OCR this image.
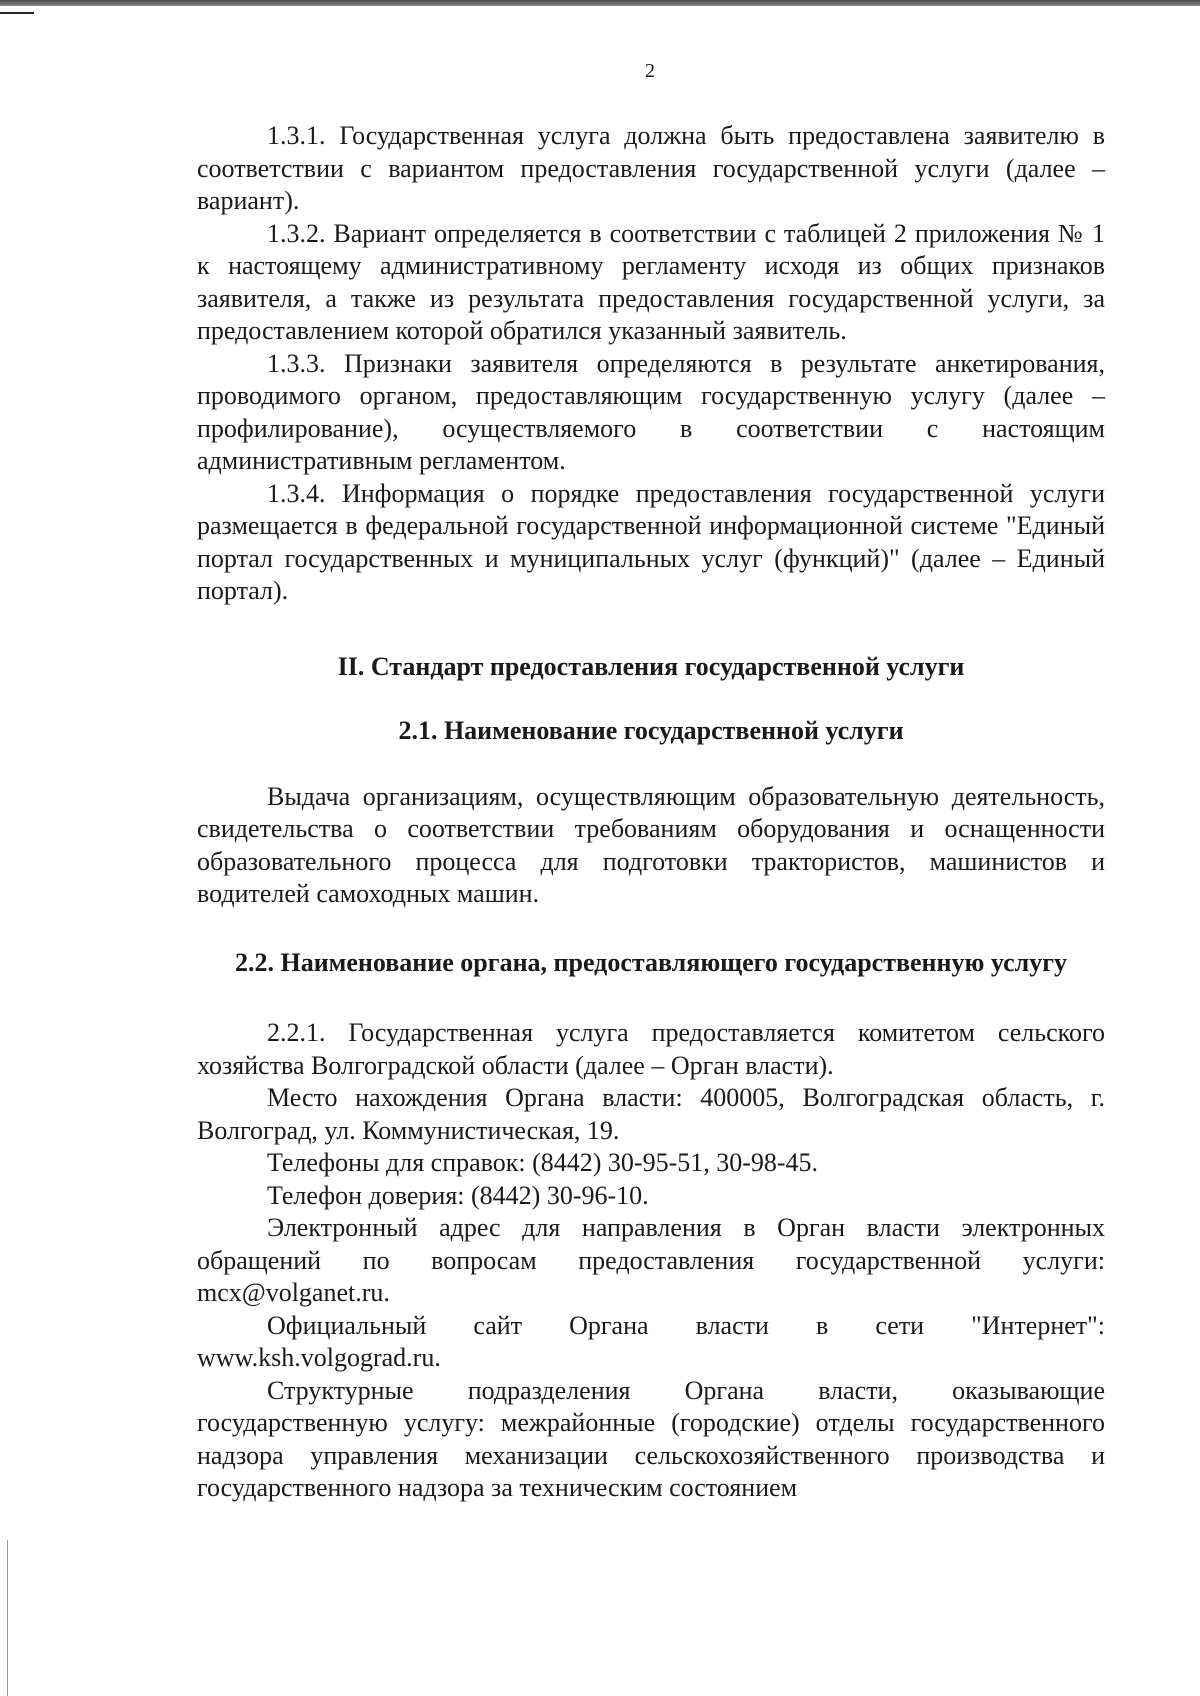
2

1.3.1. Государственная услуга должна быть предоставлена заявителю в соответствии с вариантом предоставления государственной услуги (далее – вариант).

1.3.2. Вариант определяется в соответствии с таблицей 2 приложения № 1 к настоящему административному регламенту исходя из общих признаков заявителя, а также из результата предоставления государственной услуги, за предоставлением которой обратился указанный заявитель.

1.3.3. Признаки заявителя определяются в результате анкетирования, проводимого органом, предоставляющим государственную услугу (далее – профилирование), осуществляемого в соответствии с настоящим административным регламентом.

1.3.4. Информация о порядке предоставления государственной услуги размещается в федеральной государственной информационной системе "Единый портал государственных и муниципальных услуг (функций)" (далее – Единый портал).

II. Стандарт предоставления государственной услуги
2.1. Наименование государственной услуги

Выдача организациям, осуществляющим образовательную деятельность, свидетельства о соответствии требованиям оборудования и оснащенности образовательного процесса для подготовки трактористов, машинистов и водителей самоходных машин.

2.2. Наименование органа, предоставляющего государственную услугу

2.2.1. Государственная услуга предоставляется комитетом сельского хозяйства Волгоградской области (далее – Орган власти).

Место нахождения Органа власти: 400005, Волгоградская область, г. Волгоград, ул. Коммунистическая, 19.

Телефоны для справок: (8442) 30-95-51, 30-98-45.

Телефон доверия: (8442) 30-96-10.

Электронный адрес для направления в Орган власти электронных обращений по вопросам предоставления государственной услуги: mcx@volganet.ru.

Официальный сайт Органа власти в сети "Интернет": www.ksh.volgograd.ru.

Структурные подразделения Органа власти, оказывающие государственную услугу: межрайонные (городские) отделы государственного надзора управления механизации сельскохозяйственного производства и государственного надзора за техническим состоянием
